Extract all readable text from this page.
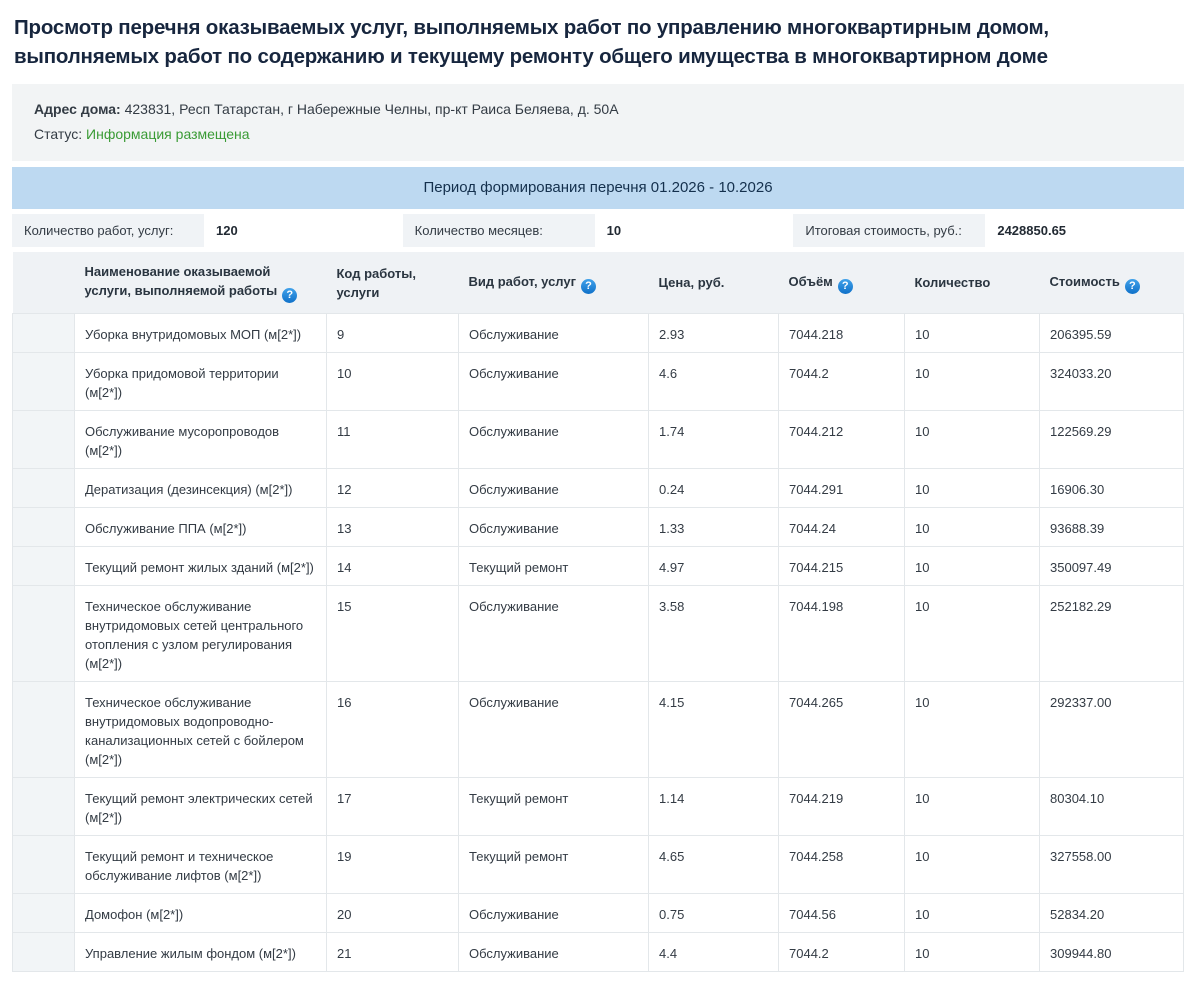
Просмотр перечня оказываемых услуг, выполняемых работ по управлению многоквартирным домом,
выполняемых работ по содержанию и текущему ремонту общего имущества в многоквартирном доме
Адрес дома: 423831, Респ Татарстан, г Набережные Челны, пр-кт Раиса Беляева, д. 50А
Статус: Информация размещена
Период формирования перечня 01.2026 - 10.2026
Количество работ, услуг:	120	Количество месяцев:	10	Итоговая стоимость, руб.:	2428850.65
	Наименование оказываемой услуги, выполняемой работы ?	Код работы, услуги	Вид работ, услуг ?	Цена, руб.	Объём ?	Количество	Стоимость ?
	Уборка внутридомовых МОП (м[2*])	9	Обслуживание	2.93	7044.218	10	206395.59
	Уборка придомовой территории (м[2*])	10	Обслуживание	4.6	7044.2	10	324033.20
	Обслуживание мусоропроводов (м[2*])	11	Обслуживание	1.74	7044.212	10	122569.29
	Дератизация (дезинсекция) (м[2*])	12	Обслуживание	0.24	7044.291	10	16906.30
	Обслуживание ППА (м[2*])	13	Обслуживание	1.33	7044.24	10	93688.39
	Текущий ремонт жилых зданий (м[2*])	14	Текущий ремонт	4.97	7044.215	10	350097.49
	Техническое обслуживание внутридомовых сетей центрального отопления с узлом регулирования (м[2*])	15	Обслуживание	3.58	7044.198	10	252182.29
	Техническое обслуживание внутридомовых водопроводно-канализационных сетей с бойлером (м[2*])	16	Обслуживание	4.15	7044.265	10	292337.00
	Текущий ремонт электрических сетей (м[2*])	17	Текущий ремонт	1.14	7044.219	10	80304.10
	Текущий ремонт и техническое обслуживание лифтов (м[2*])	19	Текущий ремонт	4.65	7044.258	10	327558.00
	Домофон (м[2*])	20	Обслуживание	0.75	7044.56	10	52834.20
	Управление жилым фондом (м[2*])	21	Обслуживание	4.4	7044.2	10	309944.80
